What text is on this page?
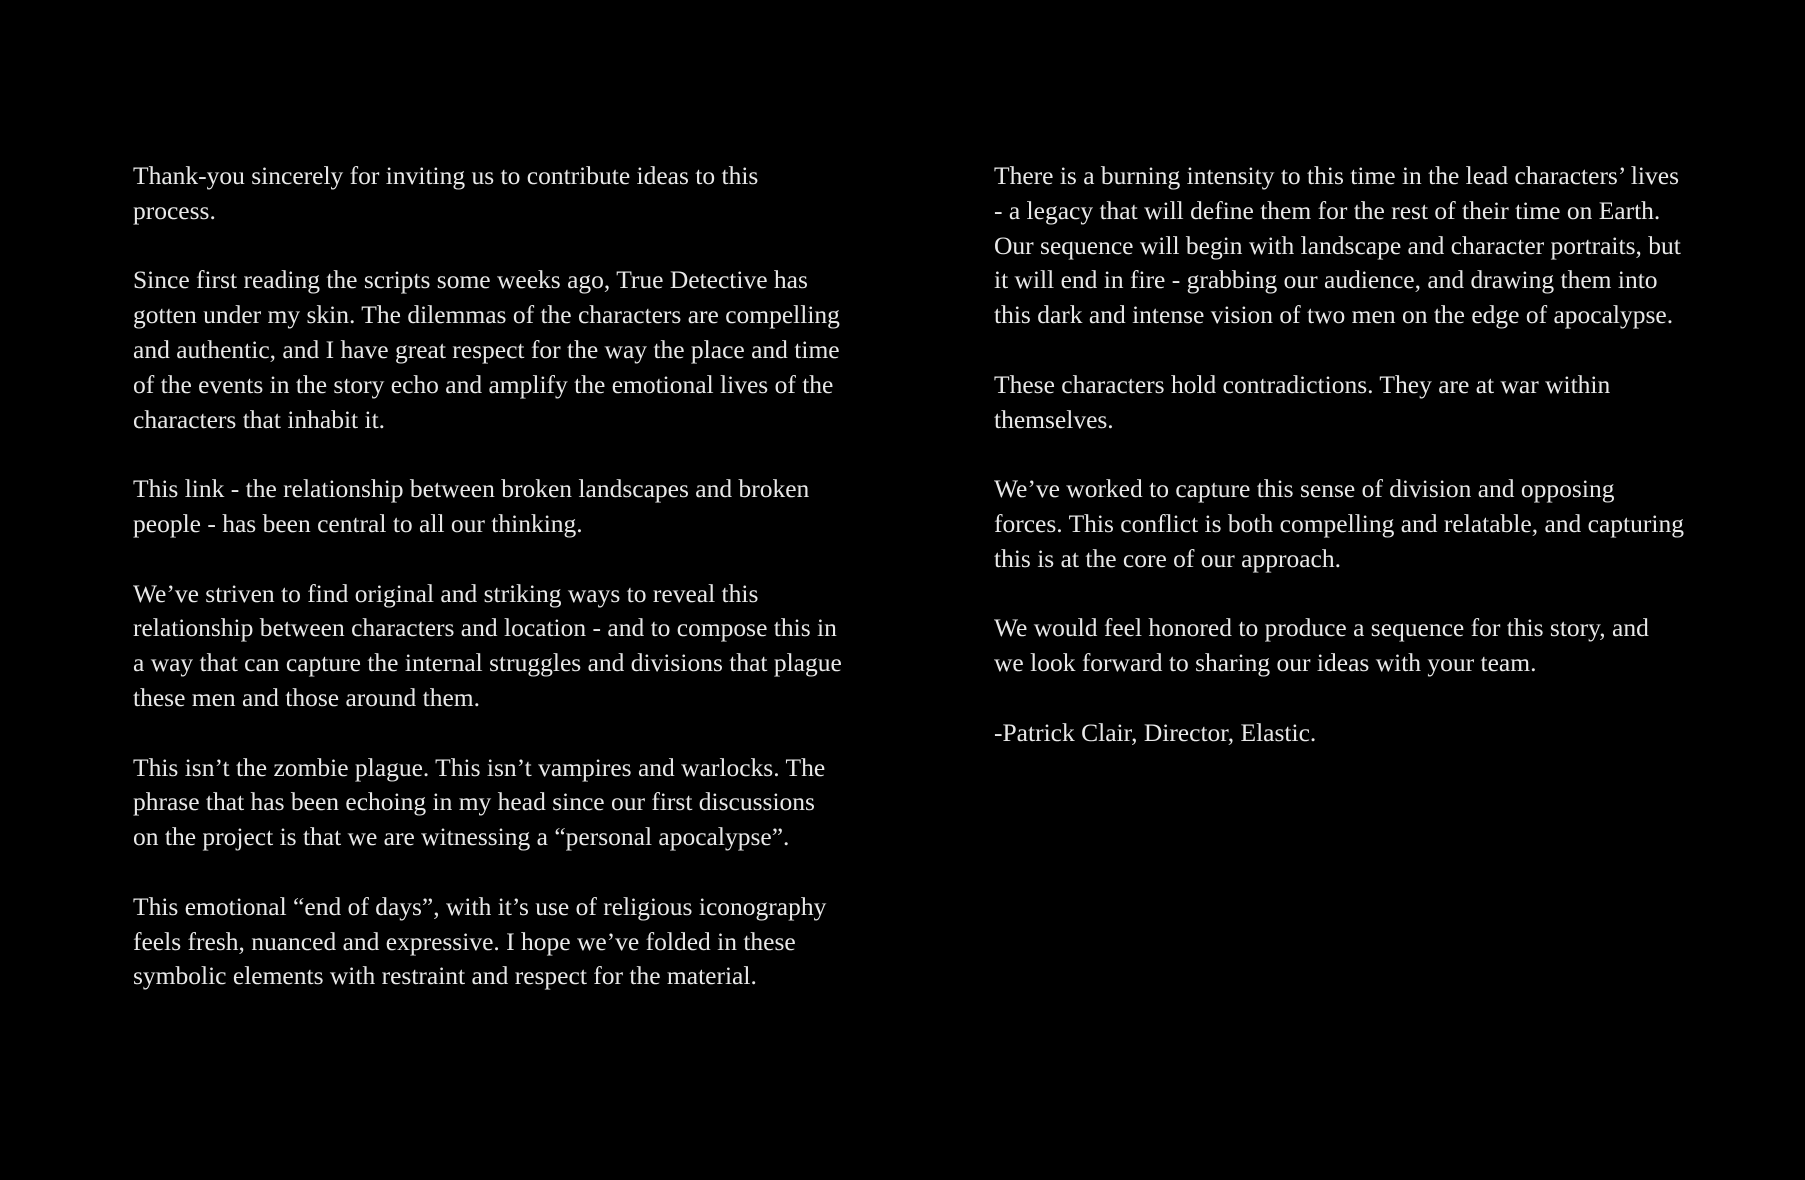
Thank-you sincerely for inviting us to contribute ideas to this process.

Since first reading the scripts some weeks ago, True Detective has gotten under my skin. The dilemmas of the characters are compelling and authentic, and I have great respect for the way the place and time of the events in the story echo and amplify the emotional lives of the characters that inhabit it.

This link - the relationship between broken landscapes and broken people - has been central to all our thinking.

We’ve striven to find original and striking ways to reveal this relationship between characters and location - and to compose this in a way that can capture the internal struggles and divisions that plague these men and those around them.

This isn’t the zombie plague. This isn’t vampires and warlocks. The phrase that has been echoing in my head since our first discussions on the project is that we are witnessing a “personal apocalypse”.

This emotional “end of days”, with it’s use of religious iconography feels fresh, nuanced and expressive. I hope we’ve folded in these symbolic elements with restraint and respect for the material.

There is a burning intensity to this time in the lead characters’ lives - a legacy that will define them for the rest of their time on Earth. Our sequence will begin with landscape and character portraits, but it will end in fire - grabbing our audience, and drawing them into this dark and intense vision of two men on the edge of apocalypse.

These characters hold contradictions. They are at war within themselves.

We’ve worked to capture this sense of division and opposing forces. This conflict is both compelling and relatable, and capturing this is at the core of our approach.

We would feel honored to produce a sequence for this story, and we look forward to sharing our ideas with your team.

-Patrick Clair, Director, Elastic.
